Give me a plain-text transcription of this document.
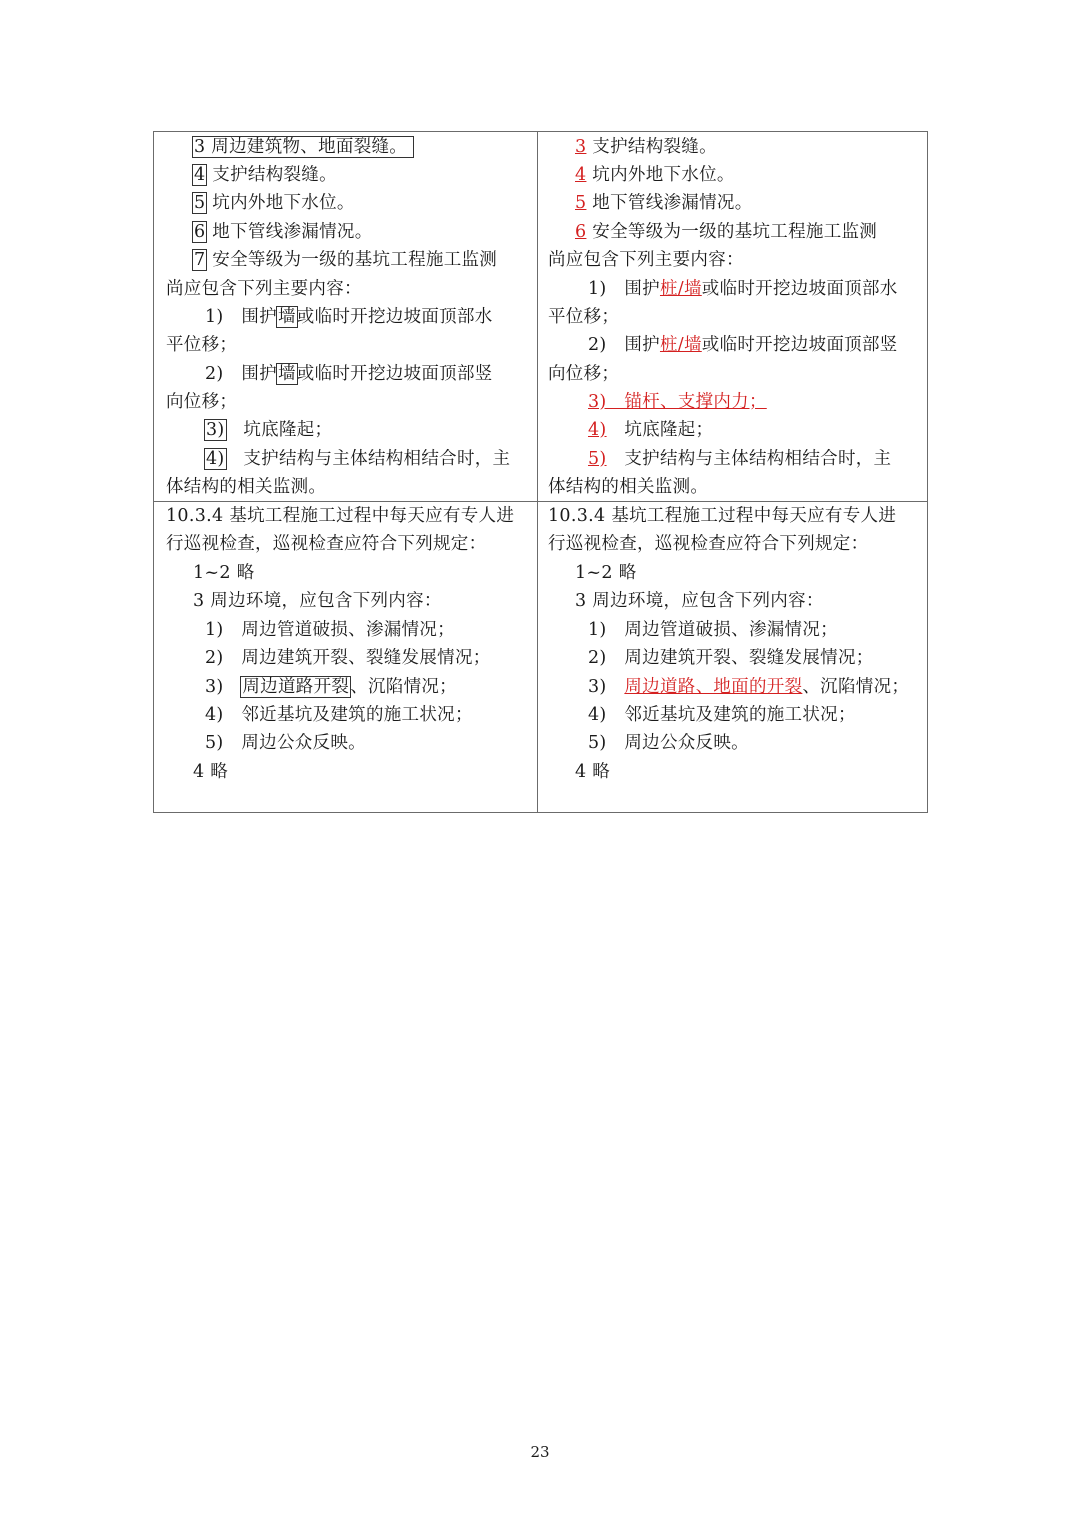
3 周边建筑物、地面裂缝。
4 支护结构裂缝。
5 坑内外地下水位。
6 地下管线渗漏情况。
7 安全等级为一级的基坑工程施工监测
尚应包含下列主要内容：
1)　围护墙或临时开挖边坡面顶部水
平位移；
2)　围护墙或临时开挖边坡面顶部竖
向位移；
3)　坑底隆起；
4)　支护结构与主体结构相结合时，主
体结构的相关监测。
3 支护结构裂缝。
4 坑内外地下水位。
5 地下管线渗漏情况。
6 安全等级为一级的基坑工程施工监测
尚应包含下列主要内容：
1)　围护桩/墙或临时开挖边坡面顶部水
平位移；
2)　围护桩/墙或临时开挖边坡面顶部竖
向位移；
3)　锚杆、支撑内力；
4)　坑底隆起；
5)　支护结构与主体结构相结合时，主
体结构的相关监测。
10.3.4 基坑工程施工过程中每天应有专人进
行巡视检查，巡视检查应符合下列规定：
1~2 略
3 周边环境，应包含下列内容：
1)　周边管道破损、渗漏情况；
2)　周边建筑开裂、裂缝发展情况；
3)　周边道路开裂、沉陷情况；
4)　邻近基坑及建筑的施工状况；
5)　周边公众反映。
4 略
10.3.4 基坑工程施工过程中每天应有专人进
行巡视检查，巡视检查应符合下列规定：
1~2 略
3 周边环境，应包含下列内容：
1)　周边管道破损、渗漏情况；
2)　周边建筑开裂、裂缝发展情况；
3)　周边道路、地面的开裂、沉陷情况；
4)　邻近基坑及建筑的施工状况；
5)　周边公众反映。
4 略
23
